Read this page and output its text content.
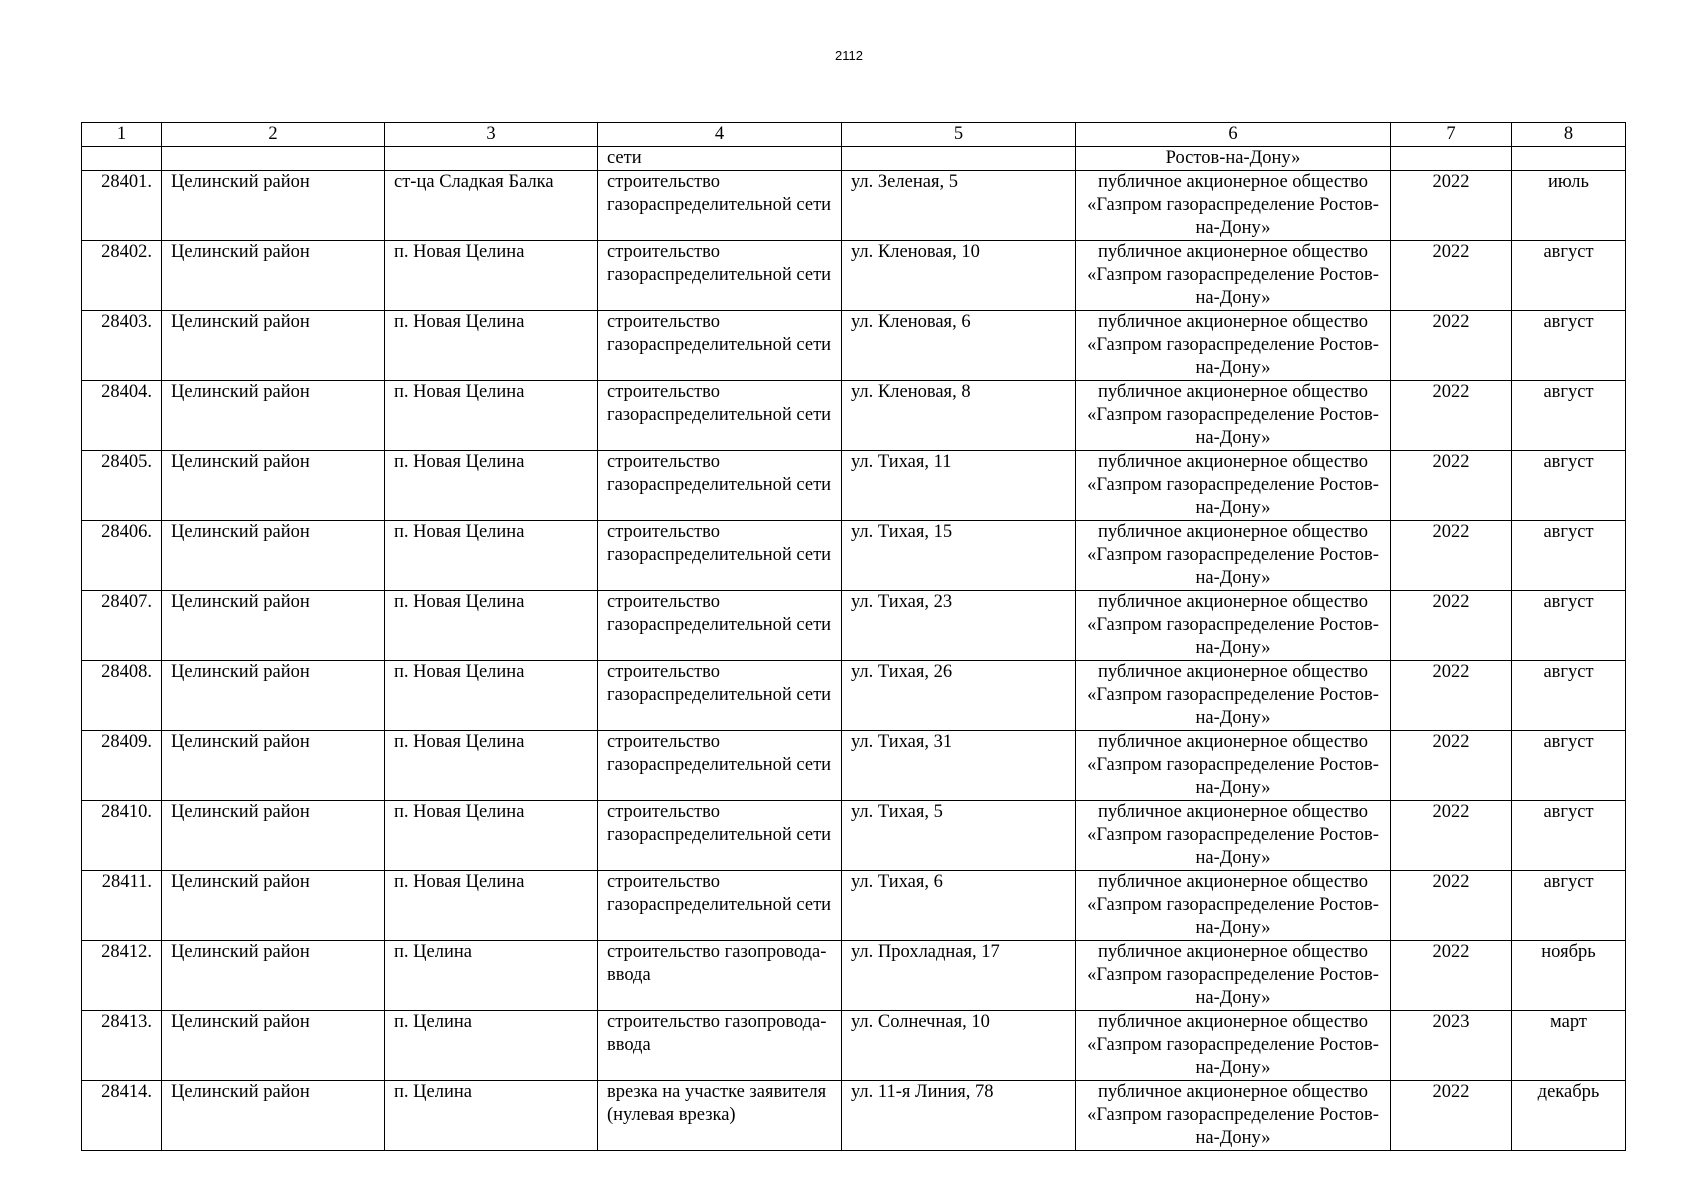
2112
1	2	3	4	5	6	7	8
			сети		Ростов-на-Дону»		
28401.	Целинский район	ст-ца Сладкая Балка	строительство газораспределительной сети	ул. Зеленая, 5	публичное акционерное общество «Газпром газораспределение Ростов-на-Дону»	2022	июль
28402.	Целинский район	п. Новая Целина	строительство газораспределительной сети	ул. Кленовая, 10	публичное акционерное общество «Газпром газораспределение Ростов-на-Дону»	2022	август
28403.	Целинский район	п. Новая Целина	строительство газораспределительной сети	ул. Кленовая, 6	публичное акционерное общество «Газпром газораспределение Ростов-на-Дону»	2022	август
28404.	Целинский район	п. Новая Целина	строительство газораспределительной сети	ул. Кленовая, 8	публичное акционерное общество «Газпром газораспределение Ростов-на-Дону»	2022	август
28405.	Целинский район	п. Новая Целина	строительство газораспределительной сети	ул. Тихая, 11	публичное акционерное общество «Газпром газораспределение Ростов-на-Дону»	2022	август
28406.	Целинский район	п. Новая Целина	строительство газораспределительной сети	ул. Тихая, 15	публичное акционерное общество «Газпром газораспределение Ростов-на-Дону»	2022	август
28407.	Целинский район	п. Новая Целина	строительство газораспределительной сети	ул. Тихая, 23	публичное акционерное общество «Газпром газораспределение Ростов-на-Дону»	2022	август
28408.	Целинский район	п. Новая Целина	строительство газораспределительной сети	ул. Тихая, 26	публичное акционерное общество «Газпром газораспределение Ростов-на-Дону»	2022	август
28409.	Целинский район	п. Новая Целина	строительство газораспределительной сети	ул. Тихая, 31	публичное акционерное общество «Газпром газораспределение Ростов-на-Дону»	2022	август
28410.	Целинский район	п. Новая Целина	строительство газораспределительной сети	ул. Тихая, 5	публичное акционерное общество «Газпром газораспределение Ростов-на-Дону»	2022	август
28411.	Целинский район	п. Новая Целина	строительство газораспределительной сети	ул. Тихая, 6	публичное акционерное общество «Газпром газораспределение Ростов-на-Дону»	2022	август
28412.	Целинский район	п. Целина	строительство газопровода-ввода	ул. Прохладная, 17	публичное акционерное общество «Газпром газораспределение Ростов-на-Дону»	2022	ноябрь
28413.	Целинский район	п. Целина	строительство газопровода-ввода	ул. Солнечная, 10	публичное акционерное общество «Газпром газораспределение Ростов-на-Дону»	2023	март
28414.	Целинский район	п. Целина	врезка на участке заявителя (нулевая врезка)	ул. 11-я Линия, 78	публичное акционерное общество «Газпром газораспределение Ростов-на-Дону»	2022	декабрь
